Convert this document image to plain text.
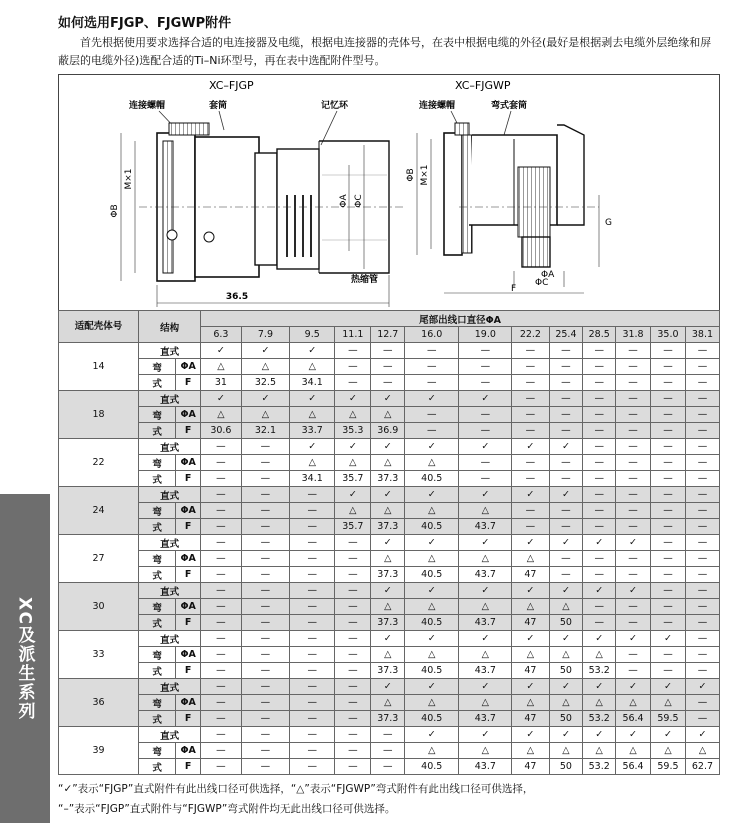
如何选用FJGP、FJGWP附件
首先根据使用要求选择合适的电连接器及电缆，根据电连接器的壳体号，在表中根据电缆的外径(最好是根据剥去电缆外层绝缘和屏蔽层的电缆外径)选配合适的Ti–Ni环型号，再在表中选配附件型号。
XC–FJGP
连接螺帽	套筒	记忆环
ΦB
M×1
ΦA ΦC
热缩管
36.5
XC–FJGWP
连接螺帽	弯式套筒
ΦA
ΦC
ΦB M×1
G
F
适配壳体号	结构		尾部出线口直径ΦA												
			6.3	7.9	9.5	11.1	12.7	16.0	19.0	22.2	25.4	28.5	31.8	35.0	38.1
14	直式		✓	✓	✓	—	—	—	—	—	—	—	—	—	—
	弯	ΦA	△	△	△	—	—	—	—	—	—	—	—	—	—
	式	F	31	32.5	34.1	—	—	—	—	—	—	—	—	—	—
18	直式		✓	✓	✓	✓	✓	✓	✓	—	—	—	—	—	—
	弯	ΦA	△	△	△	△	△	—	—	—	—	—	—	—	—
	式	F	30.6	32.1	33.7	35.3	36.9	—	—	—	—	—	—	—	—
22	直式		—	—	✓	✓	✓	✓	✓	✓	✓	—	—	—	—
	弯	ΦA	—	—	△	△	△	△	—	—	—	—	—	—	—
	式	F	—	—	34.1	35.7	37.3	40.5	—	—	—	—	—	—	—
24	直式		—	—	—	✓	✓	✓	✓	✓	✓	—	—	—	—
	弯	ΦA	—	—	—	△	△	△	△	—	—	—	—	—	—
	式	F	—	—	—	35.7	37.3	40.5	43.7	—	—	—	—	—	—
27	直式		—	—	—	—	✓	✓	✓	✓	✓	✓	✓	—	—
	弯	ΦA	—	—	—	—	△	△	△	△	—	—	—	—	—
	式	F	—	—	—	—	37.3	40.5	43.7	47	—	—	—	—	—
30	直式		—	—	—	—	✓	✓	✓	✓	✓	✓	✓	—	—
	弯	ΦA	—	—	—	—	△	△	△	△	△	—	—	—	—
	式	F	—	—	—	—	37.3	40.5	43.7	47	50	—	—	—	—
33	直式		—	—	—	—	✓	✓	✓	✓	✓	✓	✓	✓	—
	弯	ΦA	—	—	—	—	△	△	△	△	△	△	—	—	—
	式	F	—	—	—	—	37.3	40.5	43.7	47	50	53.2	—	—	—
36	直式		—	—	—	—	✓	✓	✓	✓	✓	✓	✓	✓	✓
	弯	ΦA	—	—	—	—	△	△	△	△	△	△	△	△	—
	式	F	—	—	—	—	37.3	40.5	43.7	47	50	53.2	56.4	59.5	—
39	直式		—	—	—	—	—	✓	✓	✓	✓	✓	✓	✓	✓
	弯	ΦA	—	—	—	—	—	△	△	△	△	△	△	△	△
	式	F	—	—	—	—	—	40.5	43.7	47	50	53.2	56.4	59.5	62.7
XC及派生系列
“✓”表示“FJGP”直式附件有此出线口径可供选择，“△”表示“FJGWP”弯式附件有此出线口径可供选择，
“–”表示“FJGP”直式附件与“FJGWP”弯式附件均无此出线口径可供选择。
